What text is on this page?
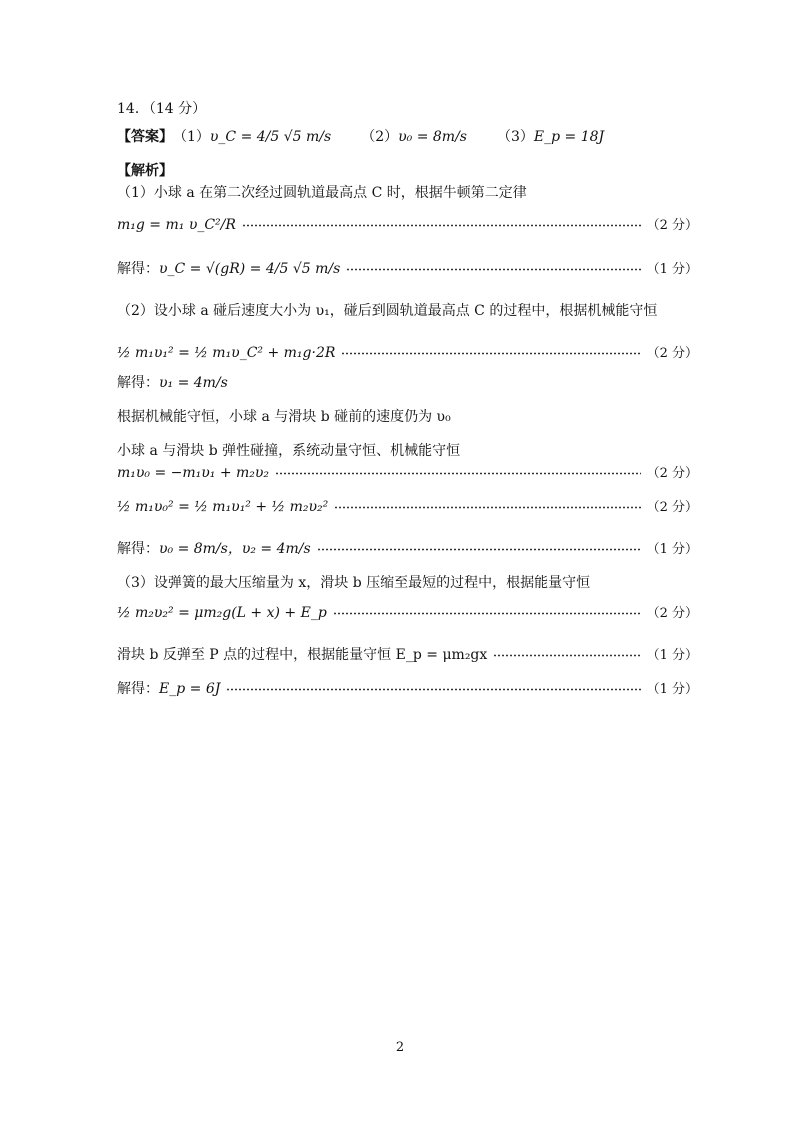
14．（14 分）
【答案】 （1） υ_C = 4/5 √5 m/s （2） υ₀ = 8m/s （3） E_p = 18J
【解析】
（1）小球 a 在第二次经过圆轨道最高点 C 时，根据牛顿第二定律
m₁g = m₁ υ_C²/R	（2 分）
解得： υ_C = √(gR) = 4/5 √5 m/s	（1 分）
（2）设小球 a 碰后速度大小为 υ₁，碰后到圆轨道最高点 C 的过程中，根据机械能守恒
½ m₁υ₁² = ½ m₁υ_C² + m₁g·2R	（2 分）
解得： υ₁ = 4m/s
根据机械能守恒，小球 a 与滑块 b 碰前的速度仍为 υ₀
小球 a 与滑块 b 弹性碰撞，系统动量守恒、机械能守恒
m₁υ₀ = −m₁υ₁ + m₂υ₂	（2 分）
½ m₁υ₀² = ½ m₁υ₁² + ½ m₂υ₂²	（2 分）
解得： υ₀ = 8m/s，υ₂ = 4m/s	（1 分）
（3）设弹簧的最大压缩量为 x，滑块 b 压缩至最短的过程中，根据能量守恒
½ m₂υ₂² = μm₂g(L + x) + E_p	（2 分）
滑块 b 反弹至 P 点的过程中，根据能量守恒 E_p = μm₂gx	（1 分）
解得： E_p = 6J	（1 分）
2
